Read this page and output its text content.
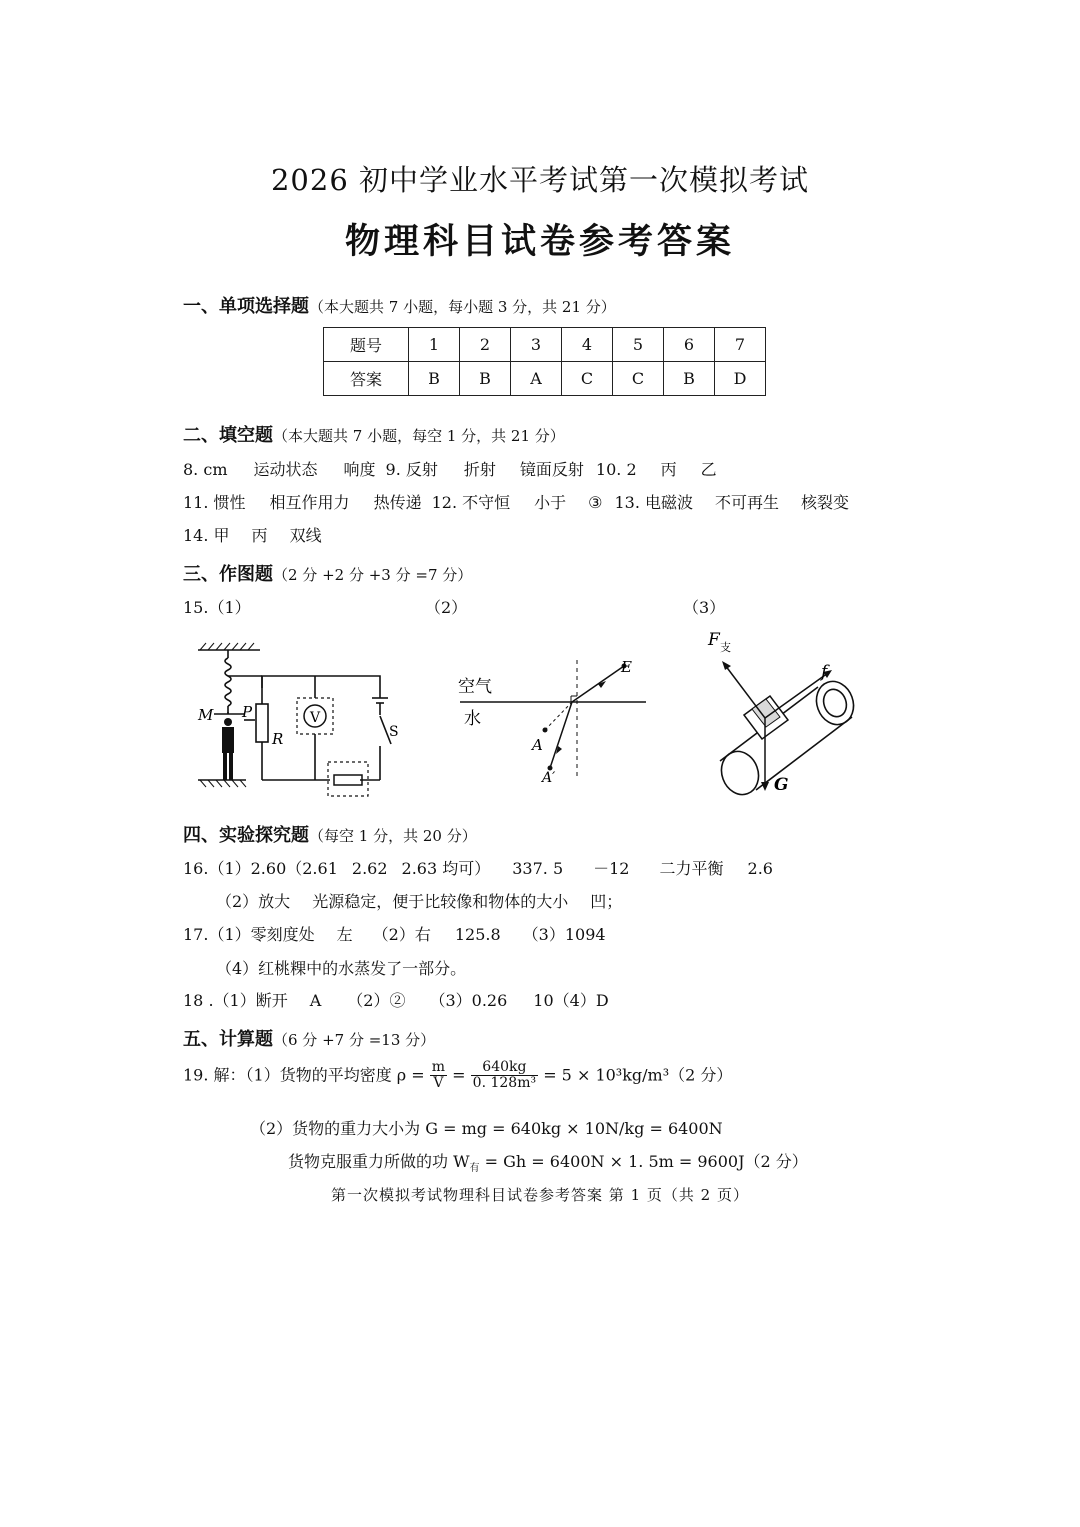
2026 初中学业水平考试第一次模拟考试
物理科目试卷参考答案
一、单项选择题（本大题共 7 小题，每小题 3 分，共 21 分）
题号	1	2	3	4	5	6	7
答案	B	B	A	C	C	B	D
二、填空题（本大题共 7 小题，每空 1 分，共 21 分）
8. cm 运动状态 响度 9. 反射 折射 镜面反射 10. 2 丙 乙
11. 惯性 相互作用力 热传递 12. 不守恒 小于 ③ 13. 电磁波 不可再生 核裂变
14. 甲 丙 双线
三、作图题（2 分 +2 分 +3 分 =7 分）
15.（1）	（2）	（3）
V
M P
R	S
空气
水
E
A
A′
F 支
f
G
四、实验探究题（每空 1 分，共 20 分）
16.（1）2.60（2.61 2.62 2.63 均可） 337. 5 －12 二力平衡 2.6
（2）放大 光源稳定，便于比较像和物体的大小 凹；
17.（1）零刻度处 左 （2）右 125.8 （3）1094
（4）红桃粿中的水蒸发了一部分。
18 .（1）断开 A （2）② （3）0.26 10（4）D
五、计算题（6 分 +7 分 =13 分）
19. 解：（1）货物的平均密度 $\rho = \frac{m}{V} = \frac{640kg}{\text{0. 128m³}} = 5 \times 10^3kg/m^3(2$ 分）
（2）货物的重力大小为 G = mg = 640kg × 10N/kg = 6400N
货物克服重力所做的功 $W_有 = Gh = 6400N \times 1$. 5m = 9600J（2 分）
第一次模拟考试物理科目试卷参考答案 第 1 页（共 2 页）
